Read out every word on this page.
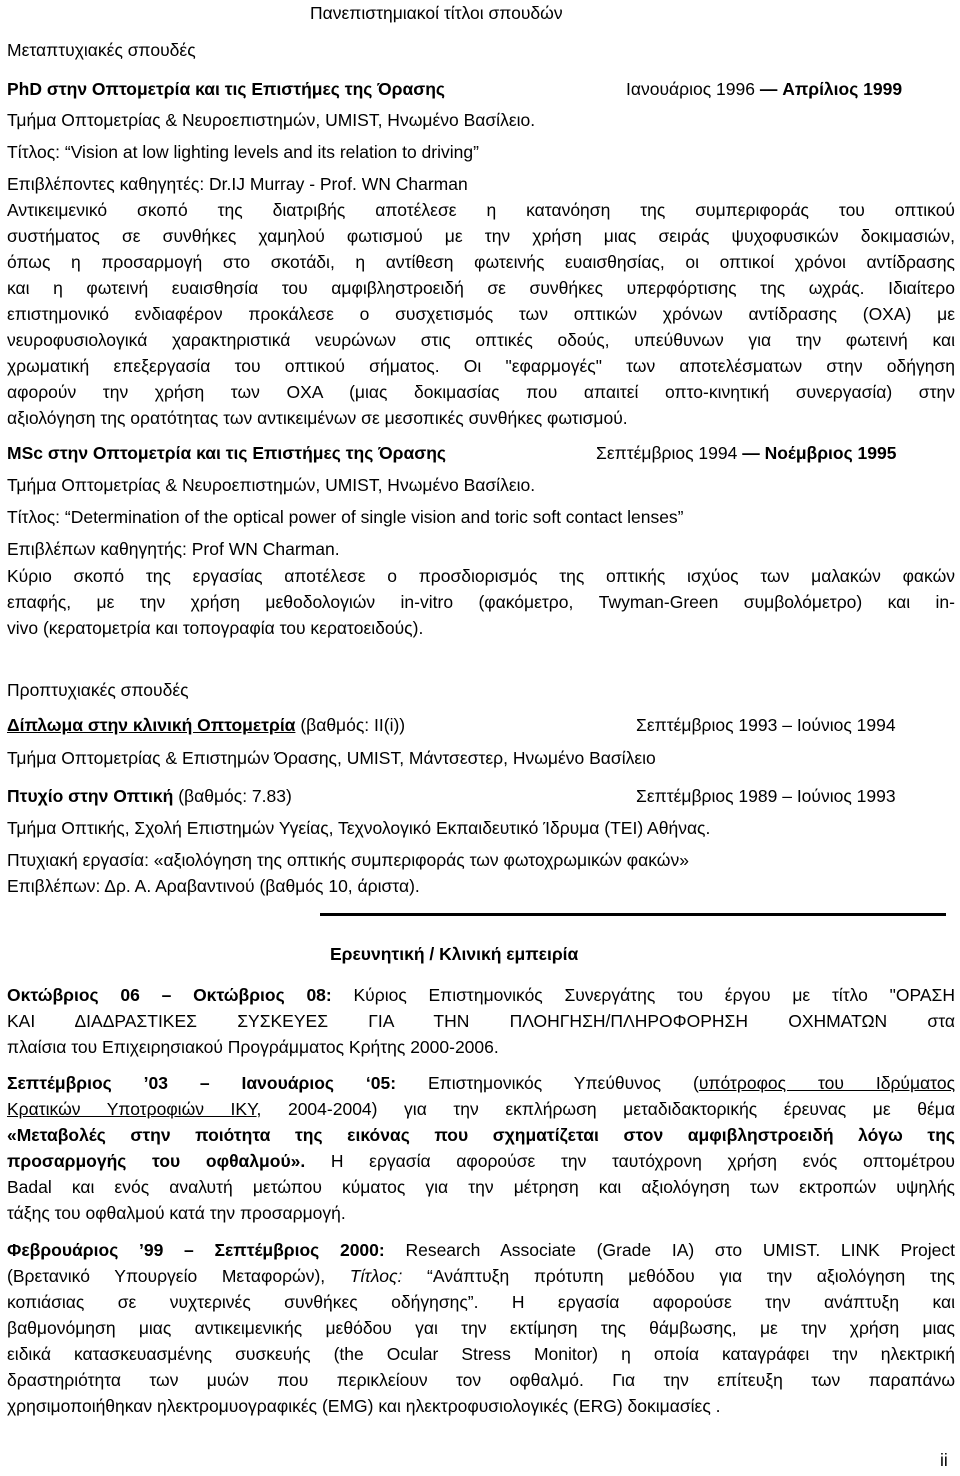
Πανεπιστημιακοί τίτλοι σπουδών
Μεταπτυχιακές σπουδές
PhD στην Οπτομετρία και τις Επιστήμες της Όρασης	Ιανουάριος 1996 — Απρίλιος 1999
Τμήμα Οπτομετρίας & Νευροεπιστημών, UMIST, Ηνωμένο Βασίλειο.
Τίτλος: “Vision at low lighting levels and its relation to driving”
Επιβλέποντες καθηγητές: Dr.IJ Murray - Prof. WN Charman
Αντικειμενικό σκοπό της διατριβής αποτέλεσε η κατανόηση της συμπεριφοράς του οπτικού
συστήματος σε συνθήκες χαμηλού φωτισμού με την χρήση μιας σειράς ψυχοφυσικών δοκιμασιών,
όπως η προσαρμογή στο σκοτάδι, η αντίθεση φωτεινής ευαισθησίας, οι οπτικοί χρόνοι αντίδρασης
και η φωτεινή ευαισθησία του αμφιβληστροειδή σε συνθήκες υπερφόρτισης της ωχράς. Ιδιαίτερο
επιστημονικό ενδιαφέρον προκάλεσε ο συσχετισμός των οπτικών χρόνων αντίδρασης (ΟΧΑ) με
νευροφυσιολογικά χαρακτηριστικά νευρώνων στις οπτικές οδούς, υπεύθυνων για την φωτεινή και
χρωματική επεξεργασία του οπτικού σήματος. Οι "εφαρμογές" των αποτελέσματων στην οδήγηση
αφορούν την χρήση των ΟΧΑ (μιας δοκιμασίας που απαιτεί οπτο-κινητική συνεργασία) στην
αξιολόγηση της ορατότητας των αντικειμένων σε μεσοπικές συνθήκες φωτισμού.
MSc στην Οπτομετρία και τις Επιστήμες της Όρασης	Σεπτέμβριος 1994 — Νοέμβριος 1995
Τμήμα Οπτομετρίας & Νευροεπιστημών, UMIST, Ηνωμένο Βασίλειο.
Τίτλος: “Determination of the optical power of single vision and toric soft contact lenses”
Επιβλέπων καθηγητής: Prof WN Charman.
Κύριο σκοπό της εργασίας αποτέλεσε ο προσδιορισμός της οπτικής ισχύος των μαλακών φακών
επαφής, με την χρήση μεθοδολογιών in-vitro (φακόμετρο, Twyman-Green συμβολόμετρο) και in-
vivo (κερατομετρία και τοπογραφία του κερατοειδούς).
Προπτυχιακές σπουδές
Δίπλωμα στην κλινική Οπτομετρία (βαθμός: II(i))	Σεπτέμβριος 1993 – Ιούνιος 1994
Τμήμα Οπτομετρίας & Επιστημών Όρασης, UMIST, Μάντσεστερ, Ηνωμένο Βασίλειο
Πτυχίο στην Οπτική (βαθμός: 7.83)	Σεπτέμβριος 1989 – Ιούνιος 1993
Τμήμα Οπτικής, Σχολή Επιστημών Υγείας, Τεχνολογικό Εκπαιδευτικό Ίδρυμα (ΤΕΙ) Αθήνας.
Πτυχιακή εργασία: «αξιολόγηση της οπτικής συμπεριφοράς των φωτοχρωμικών φακών»
Επιβλέπων: Δρ. Α. Αραβαντινού (βαθμός 10, άριστα).
Ερευνητική / Κλινική εμπειρία
Οκτώβριος 06 – Οκτώβριος 08: Κύριος Επιστημονικός Συνεργάτης του έργου με τίτλο "ΟΡΑΣΗ
ΚΑΙ ΔΙΑΔΡΑΣΤΙΚΕΣ ΣΥΣΚΕΥΕΣ ΓΙΑ ΤΗΝ ΠΛΟΗΓΗΣΗ/ΠΛΗΡΟΦΟΡΗΣΗ ΟΧΗΜΑΤΩΝ στα
πλαίσια του Επιχειρησιακού Προγράμματος Κρήτης 2000-2006.
Σεπτέμβριος ’03 – Ιανουάριος ‘05: Επιστημονικός Υπεύθυνος (υπότροφος του Ιδρύματος
Κρατικών Υποτροφιών ΙΚΥ, 2004-2004) για την εκπλήρωση μεταδιδακτορικής έρευνας με θέμα
«Μεταβολές στην ποιότητα της εικόνας που σχηματίζεται στον αμφιβληστροειδή λόγω της
προσαρμογής του οφθαλμού». Η εργασία αφορούσε την ταυτόχρονη χρήση ενός οπτομέτρου
Badal και ενός αναλυτή μετώπου κύματος για την μέτρηση και αξιολόγηση των εκτροπών υψηλής
τάξης του οφθαλμού κατά την προσαρμογή.
Φεβρουάριος ’99 – Σεπτέμβριος 2000: Research Associate (Grade IA) στο UMIST. LINK Project
(Βρετανικό Υπουργείο Μεταφορών), Τίτλος: “Ανάπτυξη πρότυπη μεθόδου για την αξιολόγηση της
κοπιάσιας σε νυχτερινές συνθήκες οδήγησης”. Η εργασία αφορούσε την ανάπτυξη και
βαθμονόμηση μιας αντικειμενικής μεθόδου γαι την εκτίμηση της θάμβωσης, με την χρήση μιας
ειδικά κατασκευασμένης συσκευής (the Ocular Stress Monitor) η οποία καταγράφει την ηλεκτρική
δραστηριότητα των μυών που περικλείουν τον οφθαλμό. Για την επίτευξη των παραπάνω
χρησιμοποιήθηκαν ηλεκτρομυογραφικές (EMG) και ηλεκτροφυσιολογικές (ERG) δοκιμασίες .
ii
